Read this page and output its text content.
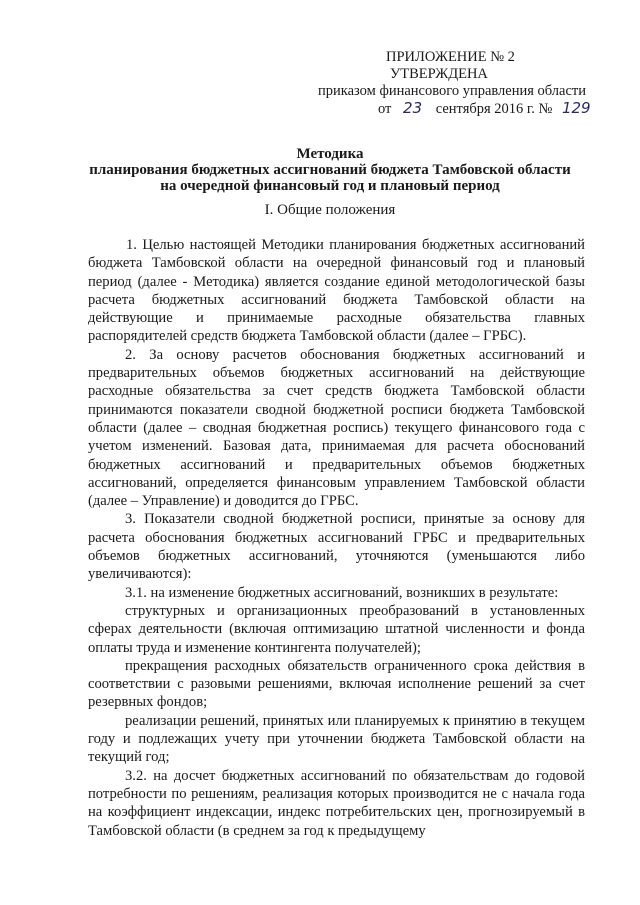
ПРИЛОЖЕНИЕ № 2
УТВЕРЖДЕНА
приказом финансового управления области
от 23 сентября 2016 г. № 129
Методика
планирования бюджетных ассигнований бюджета Тамбовской области
на очередной финансовый год и плановый период
I. Общие положения

1. Целью настоящей Методики планирования бюджетных ассигнований бюджета Тамбовской области на очередной финансовый год и плановый период (далее - Методика) является создание единой методологической базы расчета бюджетных ассигнований бюджета Тамбовской области на действующие и принимаемые расходные обязательства главных распорядителей средств бюджета Тамбовской области (далее – ГРБС).

2. За основу расчетов обоснования бюджетных ассигнований и предварительных объемов бюджетных ассигнований на действующие расходные обязательства за счет средств бюджета Тамбовской области принимаются показатели сводной бюджетной росписи бюджета Тамбовской области (далее – сводная бюджетная роспись) текущего финансового года с учетом изменений. Базовая дата, принимаемая для расчета обоснований бюджетных ассигнований и предварительных объемов бюджетных ассигнований, определяется финансовым управлением Тамбовской области (далее – Управление) и доводится до ГРБС.

3. Показатели сводной бюджетной росписи, принятые за основу для расчета обоснования бюджетных ассигнований ГРБС и предварительных объемов бюджетных ассигнований, уточняются (уменьшаются либо увеличиваются):

3.1. на изменение бюджетных ассигнований, возникших в результате:

структурных и организационных преобразований в установленных сферах деятельности (включая оптимизацию штатной численности и фонда оплаты труда и изменение контингента получателей);

прекращения расходных обязательств ограниченного срока действия в соответствии с разовыми решениями, включая исполнение решений за счет резервных фондов;

реализации решений, принятых или планируемых к принятию в текущем году и подлежащих учету при уточнении бюджета Тамбовской области на текущий год;

3.2. на досчет бюджетных ассигнований по обязательствам до годовой потребности по решениям, реализация которых производится не с начала года на коэффициент индексации, индекс потребительских цен, прогнозируемый в Тамбовской области (в среднем за год к предыдущему
